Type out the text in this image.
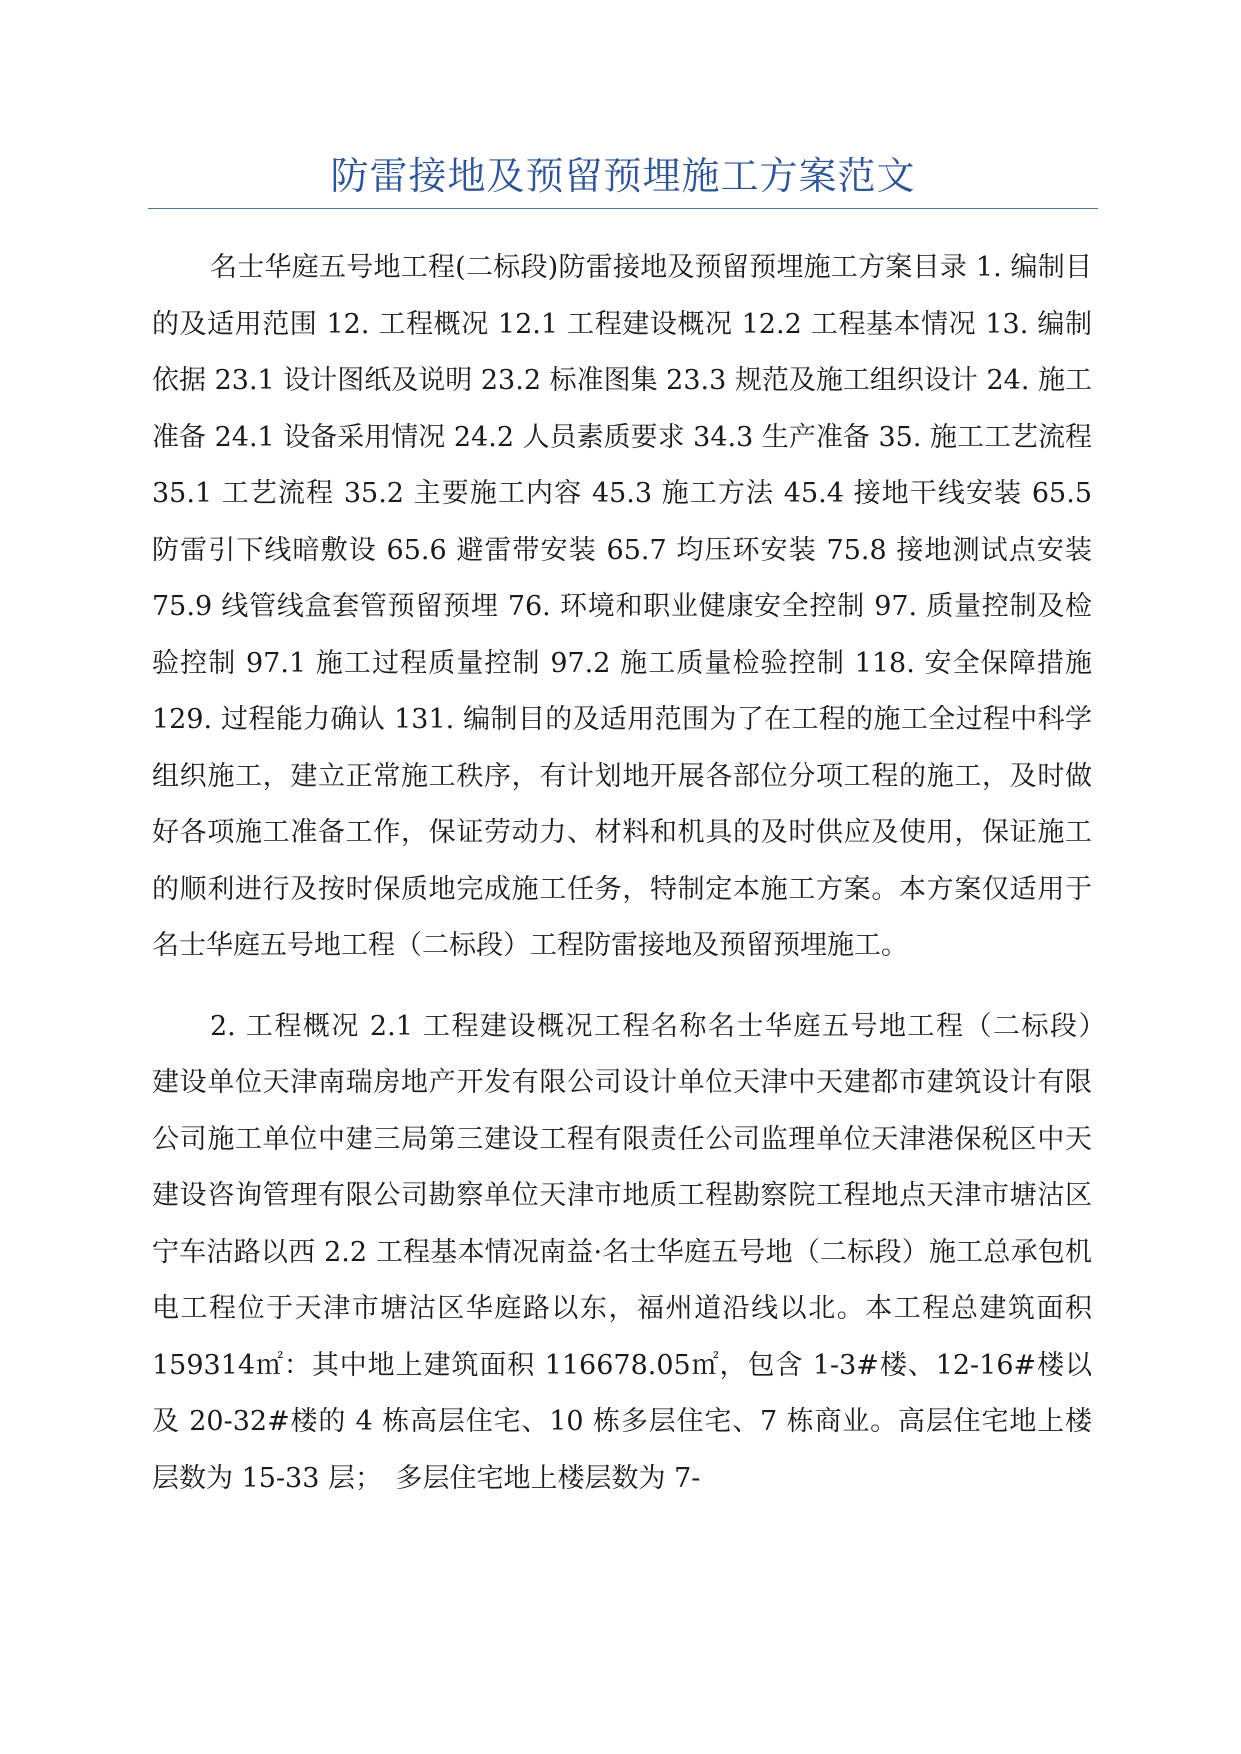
防雷接地及预留预埋施工方案范文

名士华庭五号地工程(二标段)防雷接地及预留预埋施工方案目录 1. 编制目的及适用范围 12. 工程概况 12.1 工程建设概况 12.2 工程基本情况 13. 编制依据 23.1 设计图纸及说明 23.2 标准图集 23.3 规范及施工组织设计 24. 施工准备 24.1 设备采用情况 24.2 人员素质要求 34.3 生产准备 35. 施工工艺流程 35.1 工艺流程 35.2 主要施工内容 45.3 施工方法 45.4 接地干线安装 65.5 防雷引下线暗敷设 65.6 避雷带安装 65.7 均压环安装 75.8 接地测试点安装 75.9 线管线盒套管预留预埋 76. 环境和职业健康安全控制 97. 质量控制及检验控制 97.1 施工过程质量控制 97.2 施工质量检验控制 118. 安全保障措施 129. 过程能力确认 131. 编制目的及适用范围为了在工程的施工全过程中科学组织施工，建立正常施工秩序，有计划地开展各部位分项工程的施工，及时做好各项施工准备工作，保证劳动力、材料和机具的及时供应及使用，保证施工的顺利进行及按时保质地完成施工任务，特制定本施工方案。本方案仅适用于名士华庭五号地工程（二标段）工程防雷接地及预留预埋施工。

2. 工程概况 2.1 工程建设概况工程名称名士华庭五号地工程（二标段）　建设单位天津南瑞房地产开发有限公司设计单位天津中天建都市建筑设计有限公司施工单位中建三局第三建设工程有限责任公司监理单位天津港保税区中天建设咨询管理有限公司勘察单位天津市地质工程勘察院工程地点天津市塘沽区宁车沽路以西 2.2 工程基本情况南益·名士华庭五号地（二标段）施工总承包机电工程位于天津市塘沽区华庭路以东，福州道沿线以北。本工程总建筑面积 159314㎡：其中地上建筑面积 116678.05㎡，包含 1-3#楼、12-16#楼以及 20-32#楼的 4 栋高层住宅、10 栋多层住宅、7 栋商业。高层住宅地上楼层数为 15-33 层；　多层住宅地上楼层数为 7-
